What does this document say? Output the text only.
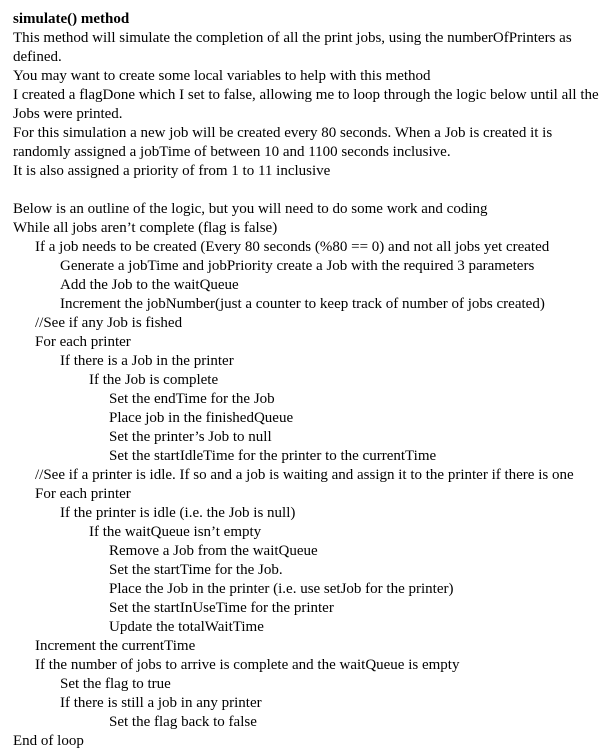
simulate() method
This method will simulate the completion of all the print jobs, using the numberOfPrinters as
defined.
You may want to create some local variables to help with this method
I created a flagDone which I set to false, allowing me to loop through the logic below until all the
Jobs were printed.
For this simulation a new job will be created every 80 seconds. When a Job is created it is
randomly assigned a jobTime of between 10 and 1100 seconds inclusive.
It is also assigned a priority of from 1 to 11 inclusive
Below is an outline of the logic, but you will need to do some work and coding
While all jobs aren’t complete (flag is false)
If a job needs to be created (Every 80 seconds (%80 == 0) and not all jobs yet created
Generate a jobTime and jobPriority create a Job with the required 3 parameters
Add the Job to the waitQueue
Increment the jobNumber(just a counter to keep track of number of jobs created)
//See if any Job is fished
For each printer
If there is a Job in the printer
If the Job is complete
Set the endTime for the Job
Place job in the finishedQueue
Set the printer’s Job to null
Set the startIdleTime for the printer to the currentTime
//See if a printer is idle. If so and a job is waiting and assign it to the printer if there is one
For each printer
If the printer is idle (i.e. the Job is null)
If the waitQueue isn’t empty
Remove a Job from the waitQueue
Set the startTime for the Job.
Place the Job in the printer (i.e. use setJob for the printer)
Set the startInUseTime for the printer
Update the totalWaitTime
Increment the currentTime
If the number of jobs to arrive is complete and the waitQueue is empty
Set the flag to true
If there is still a job in any printer
Set the flag back to false
End of loop
